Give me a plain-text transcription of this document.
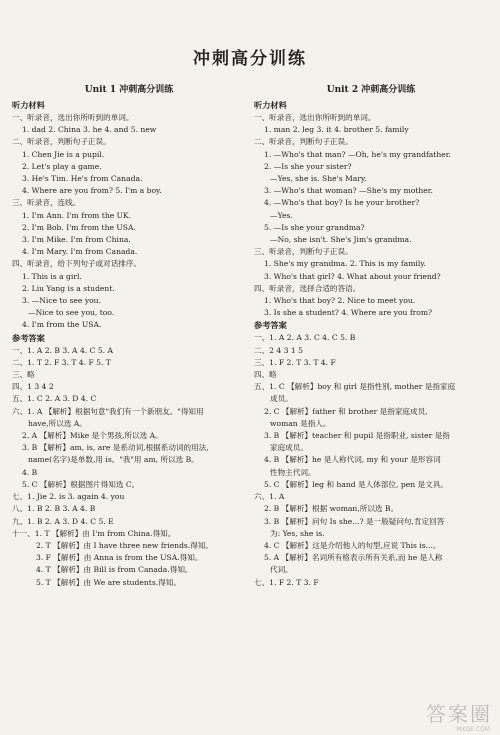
冲刺高分训练
Unit 1 冲刺高分训练
听力材料
一、听录音，选出你所听到的单词。
1. dad 2. China 3. he 4. and 5. new
二、听录音，判断句子正误。
1. Chen Jie is a pupil.
2. Let's play a game.
3. He's Tim. He's from Canada.
4. Where are you from? 5. I'm a boy.
三、听录音，连线。
1. I'm Ann. I'm from the UK.
2. I'm Bob. I'm from the USA.
3. I'm Mike. I'm from China.
4. I'm Mary. I'm from Canada.
四、听录音，给下列句子或对话排序。
1. This is a girl.
2. Liu Yang is a student.
3. —Nice to see you.
—Nice to see you, too.
4. I'm from the USA.
参考答案
一、1. A 2. B 3. A 4. C 5. A
二、1. T 2. F 3. T 4. F 5. T
三、略
四、1 3 4 2
五、1. C 2. A 3. D 4. C
六、1. A 【解析】根据句意"我们有一个新朋友。"得知用
have,所以选 A。
2. A 【解析】Mike 是个男孩,所以选 A。
3. B 【解析】am, is, are 是系动词,根据系动词的用法,
name(名字)是单数,用 is。"我"用 am, 所以选 B。
4. B
5. C 【解析】根据图片得知选 C。
七、1. Jie 2. is 3. again 4. you
八、1. B 2. B 3. A 4. B
九、1. B 2. A 3. D 4. C 5. E
十一、1. T 【解析】由 I'm from China.得知。
2. T 【解析】由 I have three new friends.得知。
3. F 【解析】由 Anna is from the USA.得知。
4. T 【解析】由 Bill is from Canada.得知。
5. T 【解析】由 We are students.得知。
Unit 2 冲刺高分训练
听力材料
一、听录音，选出你所听到的单词。
1. man 2. leg 3. it 4. brother 5. family
二、听录音，判断句子正误。
1. —Who's that man? —Oh, he's my grandfather.
2. —Is she your sister?
—Yes, she is. She's Mary.
3. —Who's that woman? —She's my mother.
4. —Who's that boy? Is he your brother?
—Yes.
5. —Is she your grandma?
—No, she isn't. She's Jim's grandma.
三、听录音，判断句子正误。
1. She's my grandma. 2. This is my family.
3. Who's that girl? 4. What about your friend?
四、听录音，选择合适的答语。
1. Who's that boy? 2. Nice to meet you.
3. Is she a student? 4. Where are you from?
参考答案
一、1. A 2. A 3. C 4. C 5. B
二、2 4 3 1 5
三、1. F 2. T 3. T 4. F
四、略
五、1. C 【解析】boy 和 girl 是指性别, mother 是指家庭
成员。
2. C 【解析】father 和 brother 是指家庭成员,
woman 是指人。
3. B 【解析】teacher 和 pupil 是指职业, sister 是指
家庭成员。
4. B 【解析】he 是人称代词, my 和 your 是形容词
性物主代词。
5. C 【解析】leg 和 hand 是人体部位, pen 是文具。
六、1. A
2. B 【解析】根据 woman,所以选 B。
3. B 【解析】问句 Is she...? 是一般疑问句,肯定回答
为: Yes, she is.
4. C 【解析】这是介绍他人的句型,应说 This is...。
5. A 【解析】名词所有格表示所有关系,而 he 是人称
代词。
七、1. F 2. T 3. F
答案圈
MXQE.COM
